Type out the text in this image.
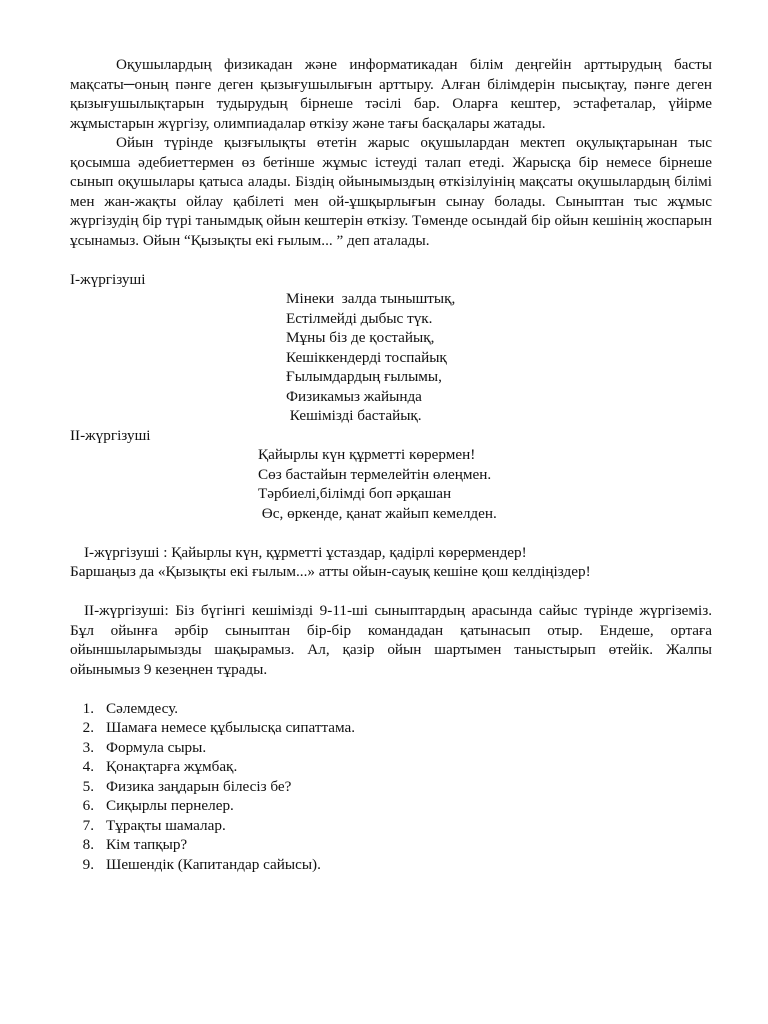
Оқушылардың физикадан және информатикадан білім деңгейін арттырудың басты мақсаты─оның пәнге деген қызығушылығын арттыру. Алған білімдерін пысықтау, пәнге деген қызығушылықтарын тудырудың бірнеше тәсілі бар. Оларға кештер, эстафеталар, үйірме жұмыстарын жүргізу, олимпиадалар өткізу және тағы басқалары жатады.

Ойын түрінде қызғылықты өтетін жарыс оқушылардан мектеп оқулықтарынан тыс қосымша әдебиеттермен өз бетінше жұмыс істеуді талап етеді. Жарысқа бір немесе бірнеше сынып оқушылары қатыса алады. Біздің ойынымыздың өткізілуінің мақсаты оқушылардың білімі мен жан-жақты ойлау қабілеті мен ой-ұшқырлығын сынау болады. Сыныптан тыс жұмыс жүргізудің бір түрі танымдық ойын кештерін өткізу. Төменде осындай бір ойын кешінің жоспарын ұсынамыз. Ойын “Қызықты екі ғылым... ” деп аталады.

I-жүргізуші

Мінеки  залда тыныштық,
Естілмейді дыбыс түк.
Мұны біз де қостайық,
Кешіккендерді тоспайық
Ғылымдардың ғылымы,
Физикамыз жайында
Кешімізді бастайық.

II-жүргізуші

Қайырлы күн құрметті көрермен!
Сөз бастайын термелейтін өлеңмен.
Тәрбиелі,білімді боп әрқашан
Өс, өркенде, қанат жайып кемелден.

I-жүргізуші : Қайырлы күн, құрметті ұстаздар, қадірлі көрермендер!

Баршаңыз да «Қызықты екі ғылым...» атты ойын-сауық кешіне қош келдіңіздер!

II-жүргізуші: Біз бүгінгі кешімізді 9-11-ші сыныптардың арасында сайыс түрінде жүргіземіз. Бұл ойынға әрбір сыныптан бір-бір командадан қатынасып отыр. Ендеше, ортаға ойыншыларымызды шақырамыз. Ал, қазір ойын шартымен таныстырып өтейік. Жалпы ойынымыз 9 кезеңнен тұрады.

1. Сәлемдесу.
2. Шамаға немесе құбылысқа сипаттама.
3. Формула сыры.
4. Қонақтарға жұмбақ.
5. Физика заңдарын білесіз бе?
6. Сиқырлы пернелер.
7. Тұрақты шамалар.
8. Кім тапқыр?
9. Шешендік (Капитандар сайысы).
